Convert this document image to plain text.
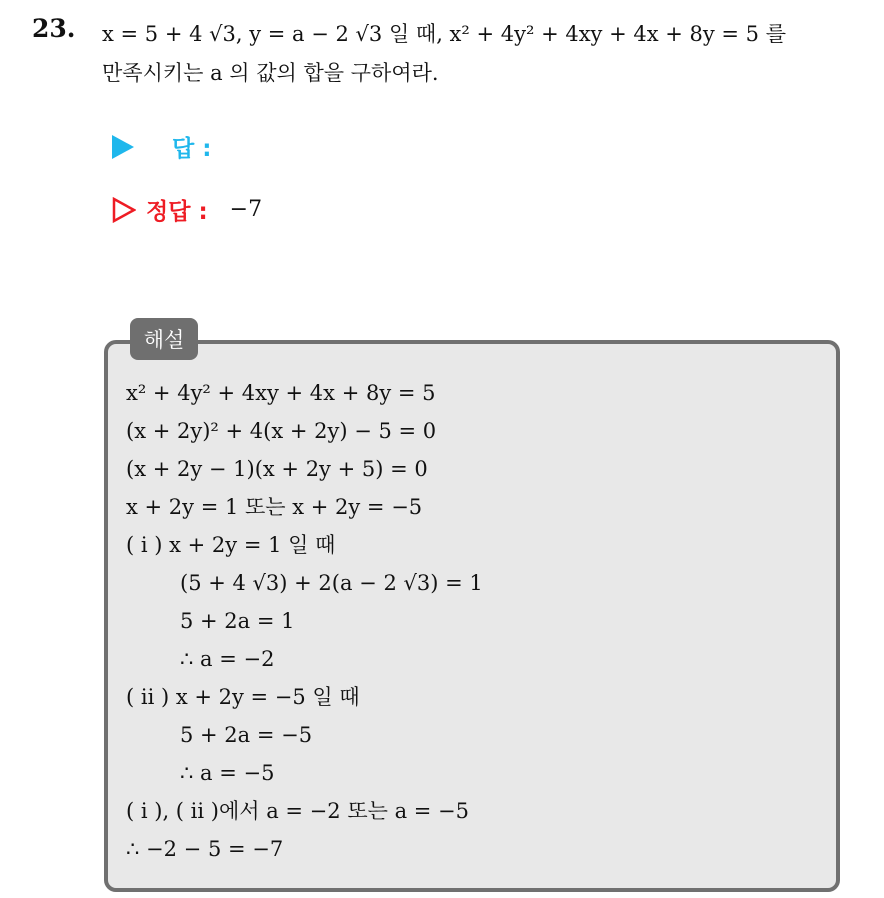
23. x = 5 + 4 √3, y = a − 2 √3 일 때, x² + 4y² + 4xy + 4x + 8y = 5 를
만족시키는 a 의 값의 합을 구하여라.
답 :
정답 : −7
해설
x² + 4y² + 4xy + 4x + 8y = 5
(x + 2y)² + 4(x + 2y) − 5 = 0
(x + 2y − 1)(x + 2y + 5) = 0
x + 2y = 1 또는 x + 2y = −5
( i ) x + 2y = 1 일 때
(5 + 4 √3) + 2(a − 2 √3) = 1
5 + 2a = 1
∴ a = −2
( ii ) x + 2y = −5 일 때
5 + 2a = −5
∴ a = −5
( i ), ( ii )에서 a = −2 또는 a = −5
∴ −2 − 5 = −7
